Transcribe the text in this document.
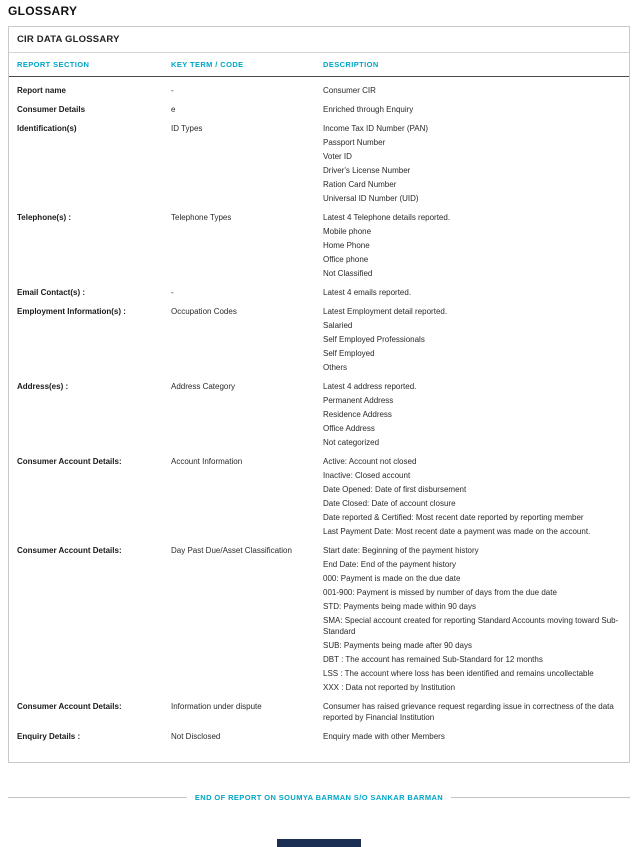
GLOSSARY
CIR DATA GLOSSARY
REPORT SECTION	KEY TERM / CODE	DESCRIPTION
Report name	-	Consumer CIR
Consumer Details	e	Enriched through Enquiry
Identification(s)	ID Types	Income Tax ID Number (PAN)
Passport Number
Voter ID
Driver's License Number
Ration Card Number
Universal ID Number (UID)
Telephone(s) :	Telephone Types	Latest 4 Telephone details reported.
Mobile phone
Home Phone
Office phone
Not Classified
Email Contact(s) :	-	Latest 4 emails reported.
Employment Information(s) :	Occupation Codes	Latest Employment detail reported.
Salaried
Self Employed Professionals
Self Employed
Others
Address(es) :	Address Category	Latest 4 address reported.
Permanent Address
Residence Address
Office Address
Not categorized
Consumer Account Details:	Account Information	Active: Account not closed
Inactive: Closed account
Date Opened: Date of first disbursement
Date Closed: Date of account closure
Date reported & Certified: Most recent date reported by reporting member
Last Payment Date: Most recent date a payment was made on the account.
Consumer Account Details:	Day Past Due/Asset Classification	Start date: Beginning of the payment history
End Date: End of the payment history
000: Payment is made on the due date
001-900: Payment is missed by number of days from the due date
STD: Payments being made within 90 days
SMA: Special account created for reporting Standard Accounts moving toward Sub-Standard
SUB: Payments being made after 90 days
DBT : The account has remained Sub-Standard for 12 months
LSS : The account where loss has been identified and remains uncollectable
XXX : Data not reported by Institution
Consumer Account Details:	Information under dispute	Consumer has raised grievance request regarding issue in correctness of the data reported by Financial Institution
Enquiry Details :	Not Disclosed	Enquiry made with other Members
END OF REPORT ON SOUMYA BARMAN S/O SANKAR BARMAN
